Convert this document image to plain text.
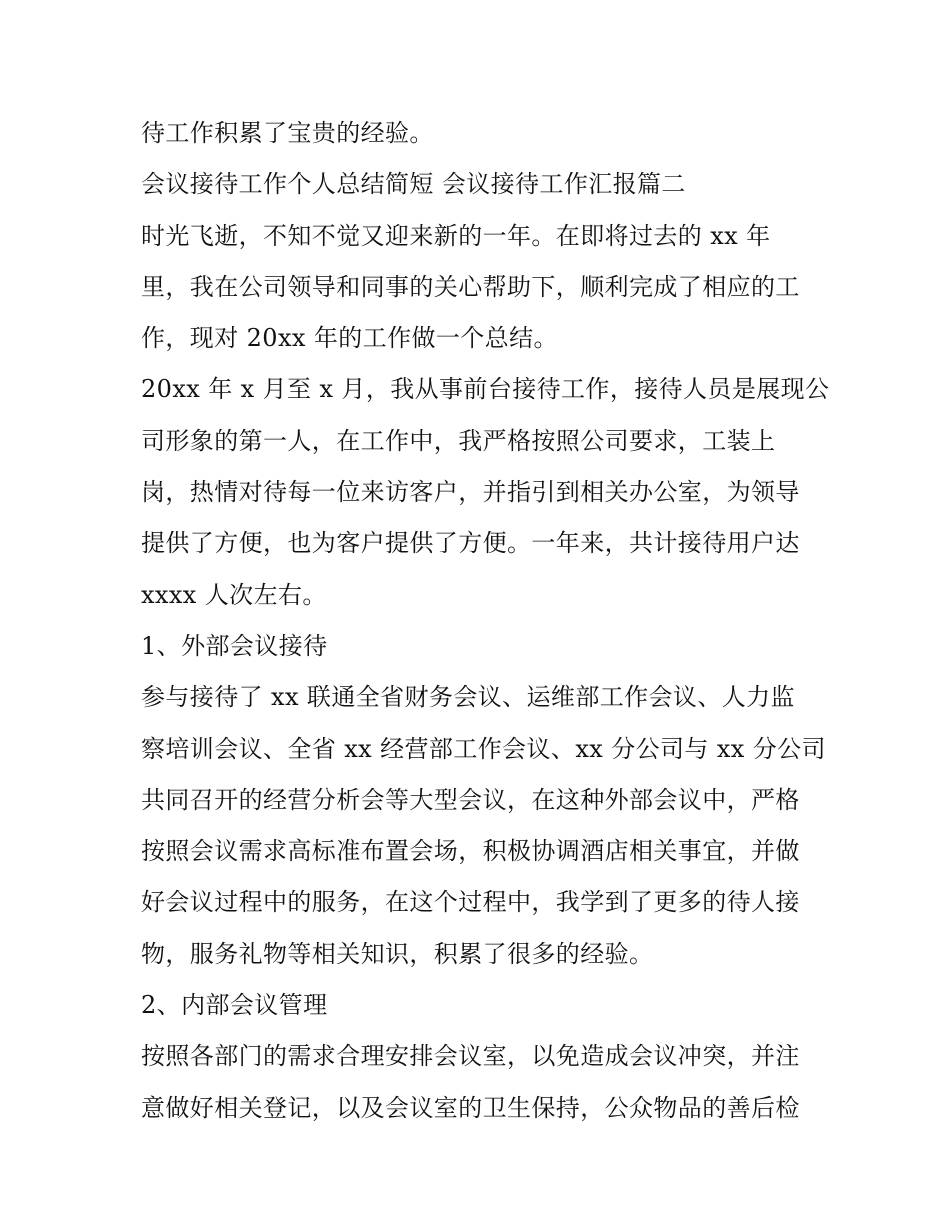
待工作积累了宝贵的经验。
会议接待工作个人总结简短 会议接待工作汇报篇二
时光飞逝，不知不觉又迎来新的一年。在即将过去的 xx 年
里，我在公司领导和同事的关心帮助下，顺利完成了相应的工
作，现对 20xx 年的工作做一个总结。
20xx 年 x 月至 x 月，我从事前台接待工作，接待人员是展现公
司形象的第一人，在工作中，我严格按照公司要求，工装上
岗，热情对待每一位来访客户，并指引到相关办公室，为领导
提供了方便，也为客户提供了方便。一年来，共计接待用户达
xxxx 人次左右。
1、外部会议接待
参与接待了 xx 联通全省财务会议、运维部工作会议、人力监
察培训会议、全省 xx 经营部工作会议、xx 分公司与 xx 分公司
共同召开的经营分析会等大型会议，在这种外部会议中，严格
按照会议需求高标准布置会场，积极协调酒店相关事宜，并做
好会议过程中的服务，在这个过程中，我学到了更多的待人接
物，服务礼物等相关知识，积累了很多的经验。
2、内部会议管理
按照各部门的需求合理安排会议室，以免造成会议冲突，并注
意做好相关登记，以及会议室的卫生保持，公众物品的善后检
